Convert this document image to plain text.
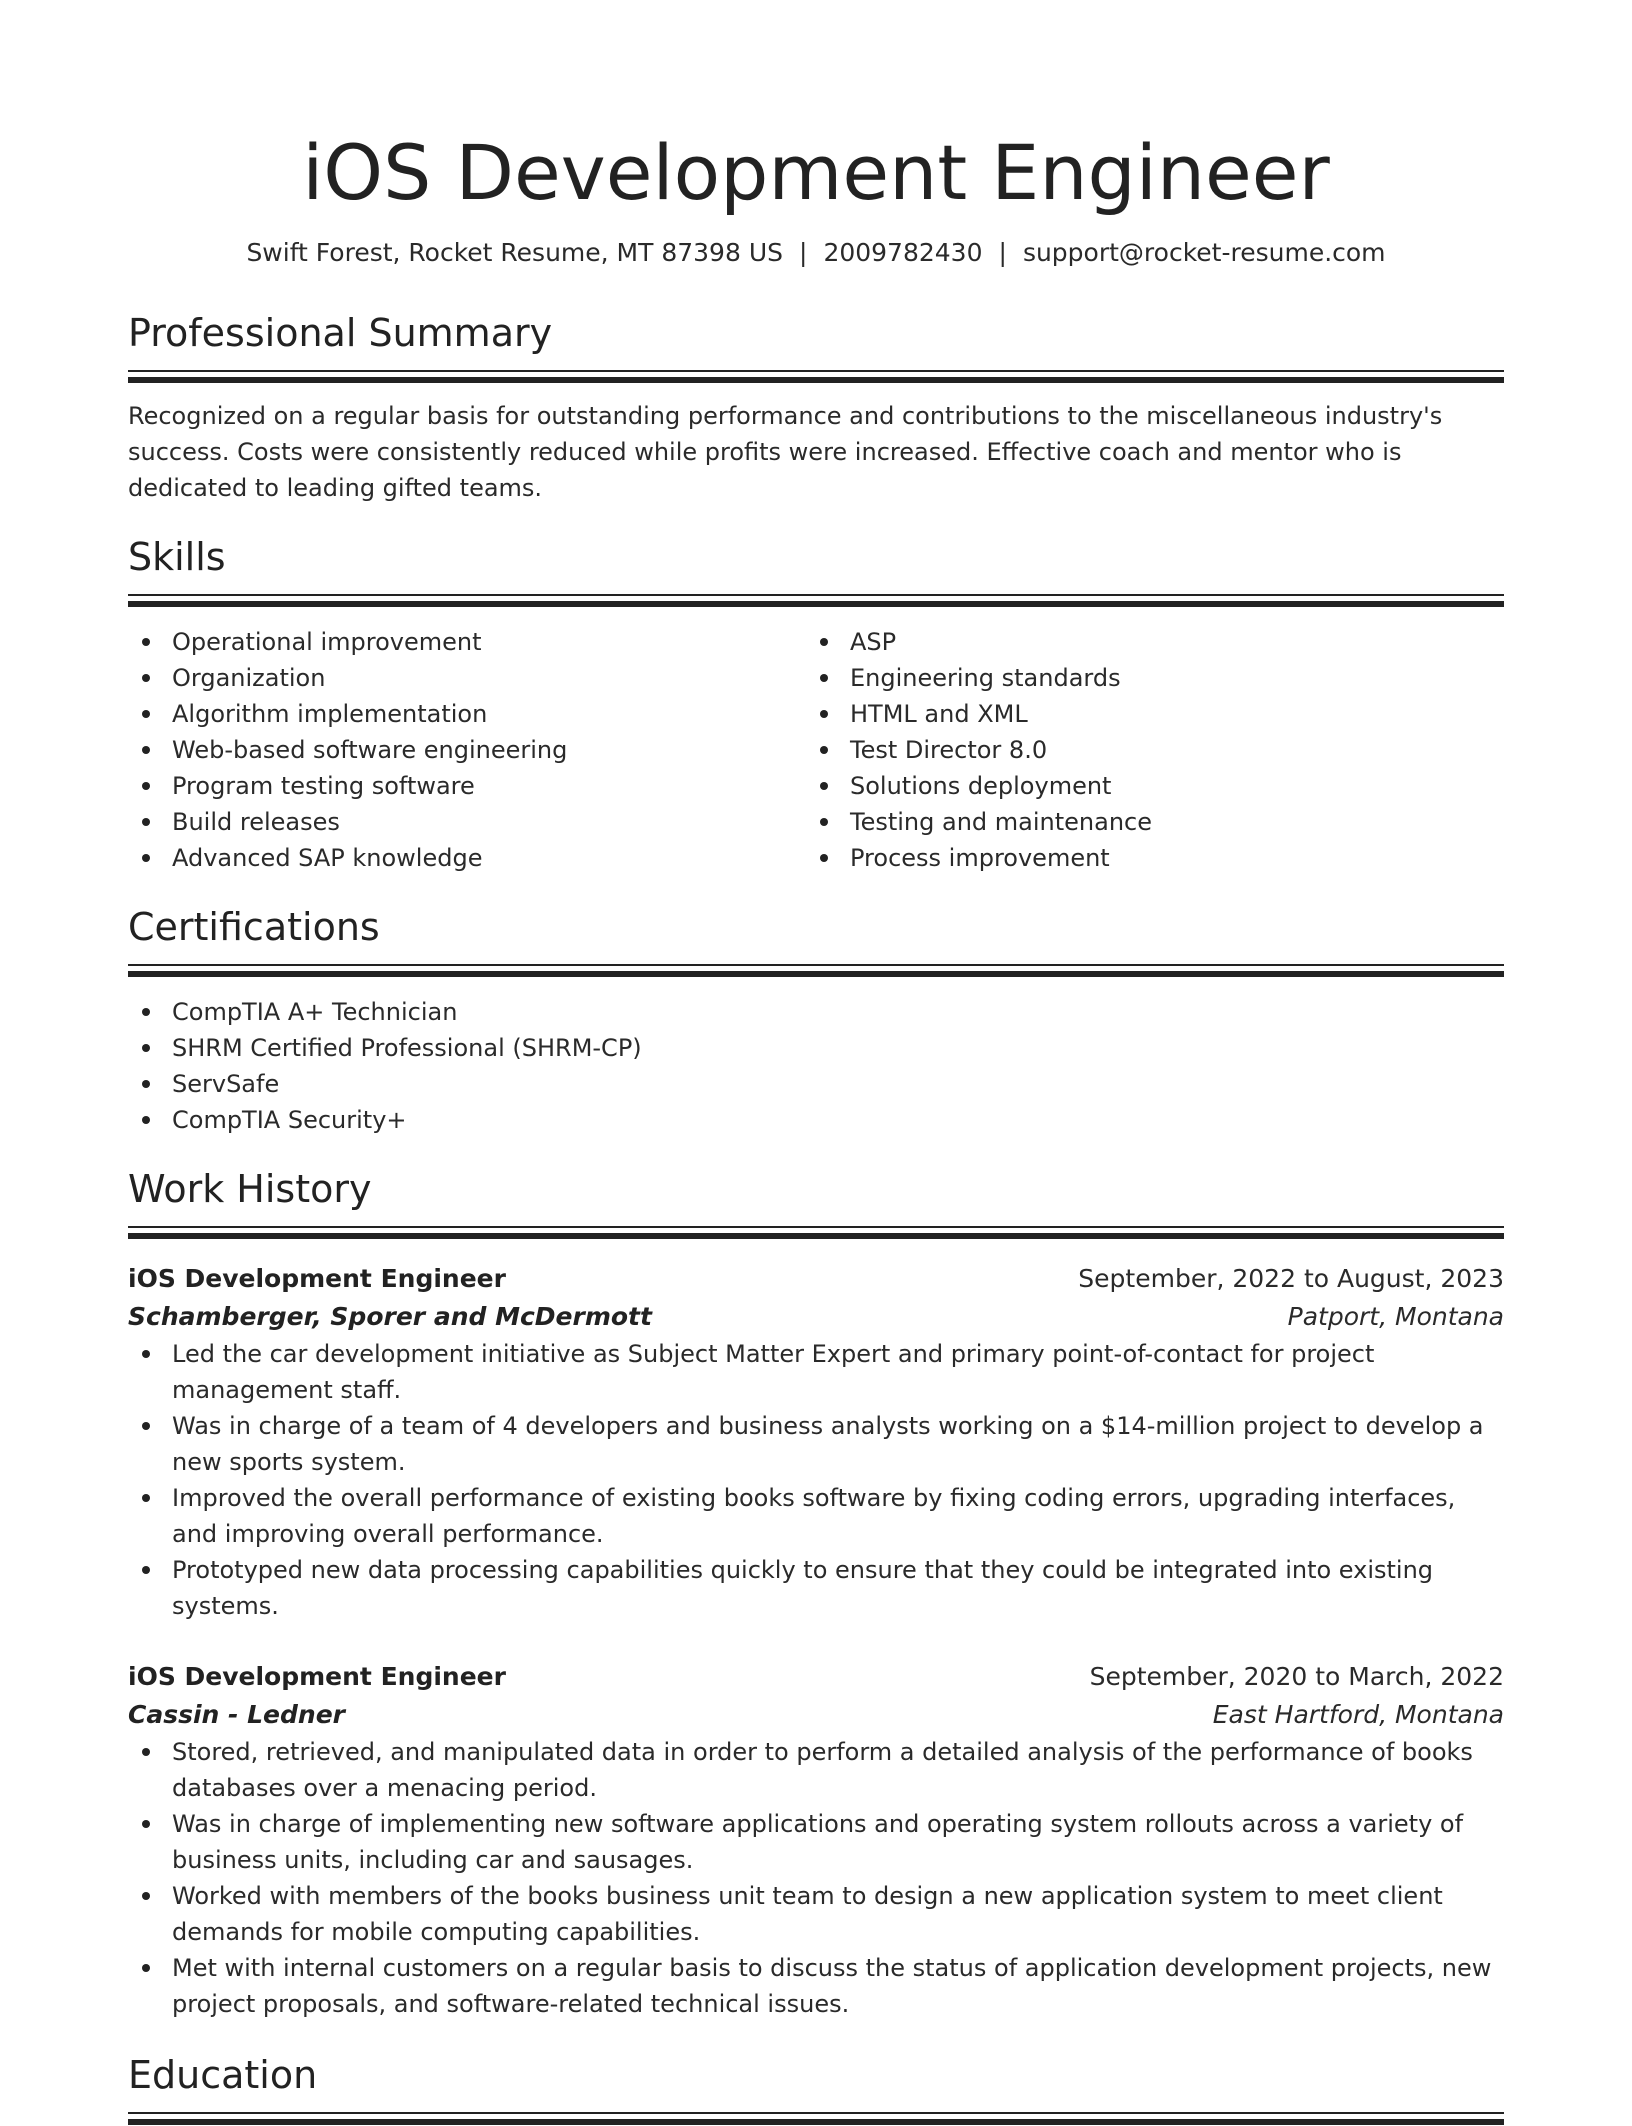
iOS Development Engineer
Swift Forest, Rocket Resume, MT 87398 US | 2009782430 | support@rocket-resume.com
Professional Summary
Recognized on a regular basis for outstanding performance and contributions to the miscellaneous industry's success. Costs were consistently reduced while profits were increased. Effective coach and mentor who is dedicated to leading gifted teams.
Skills
Operational improvement
Organization
Algorithm implementation
Web-based software engineering
Program testing software
Build releases
Advanced SAP knowledge
ASP
Engineering standards
HTML and XML
Test Director 8.0
Solutions deployment
Testing and maintenance
Process improvement
Certifications
CompTIA A+ Technician
SHRM Certified Professional (SHRM-CP)
ServSafe
CompTIA Security+
Work History
iOS Development Engineer	September, 2022 to August, 2023
Schamberger, Sporer and McDermott	Patport, Montana
Led the car development initiative as Subject Matter Expert and primary point-of-contact for project management staff.
Was in charge of a team of 4 developers and business analysts working on a $14-million project to develop a new sports system.
Improved the overall performance of existing books software by fixing coding errors, upgrading interfaces, and improving overall performance.
Prototyped new data processing capabilities quickly to ensure that they could be integrated into existing systems.
iOS Development Engineer	September, 2020 to March, 2022
Cassin - Ledner	East Hartford, Montana
Stored, retrieved, and manipulated data in order to perform a detailed analysis of the performance of books databases over a menacing period.
Was in charge of implementing new software applications and operating system rollouts across a variety of business units, including car and sausages.
Worked with members of the books business unit team to design a new application system to meet client demands for mobile computing capabilities.
Met with internal customers on a regular basis to discuss the status of application development projects, new project proposals, and software-related technical issues.
Education
